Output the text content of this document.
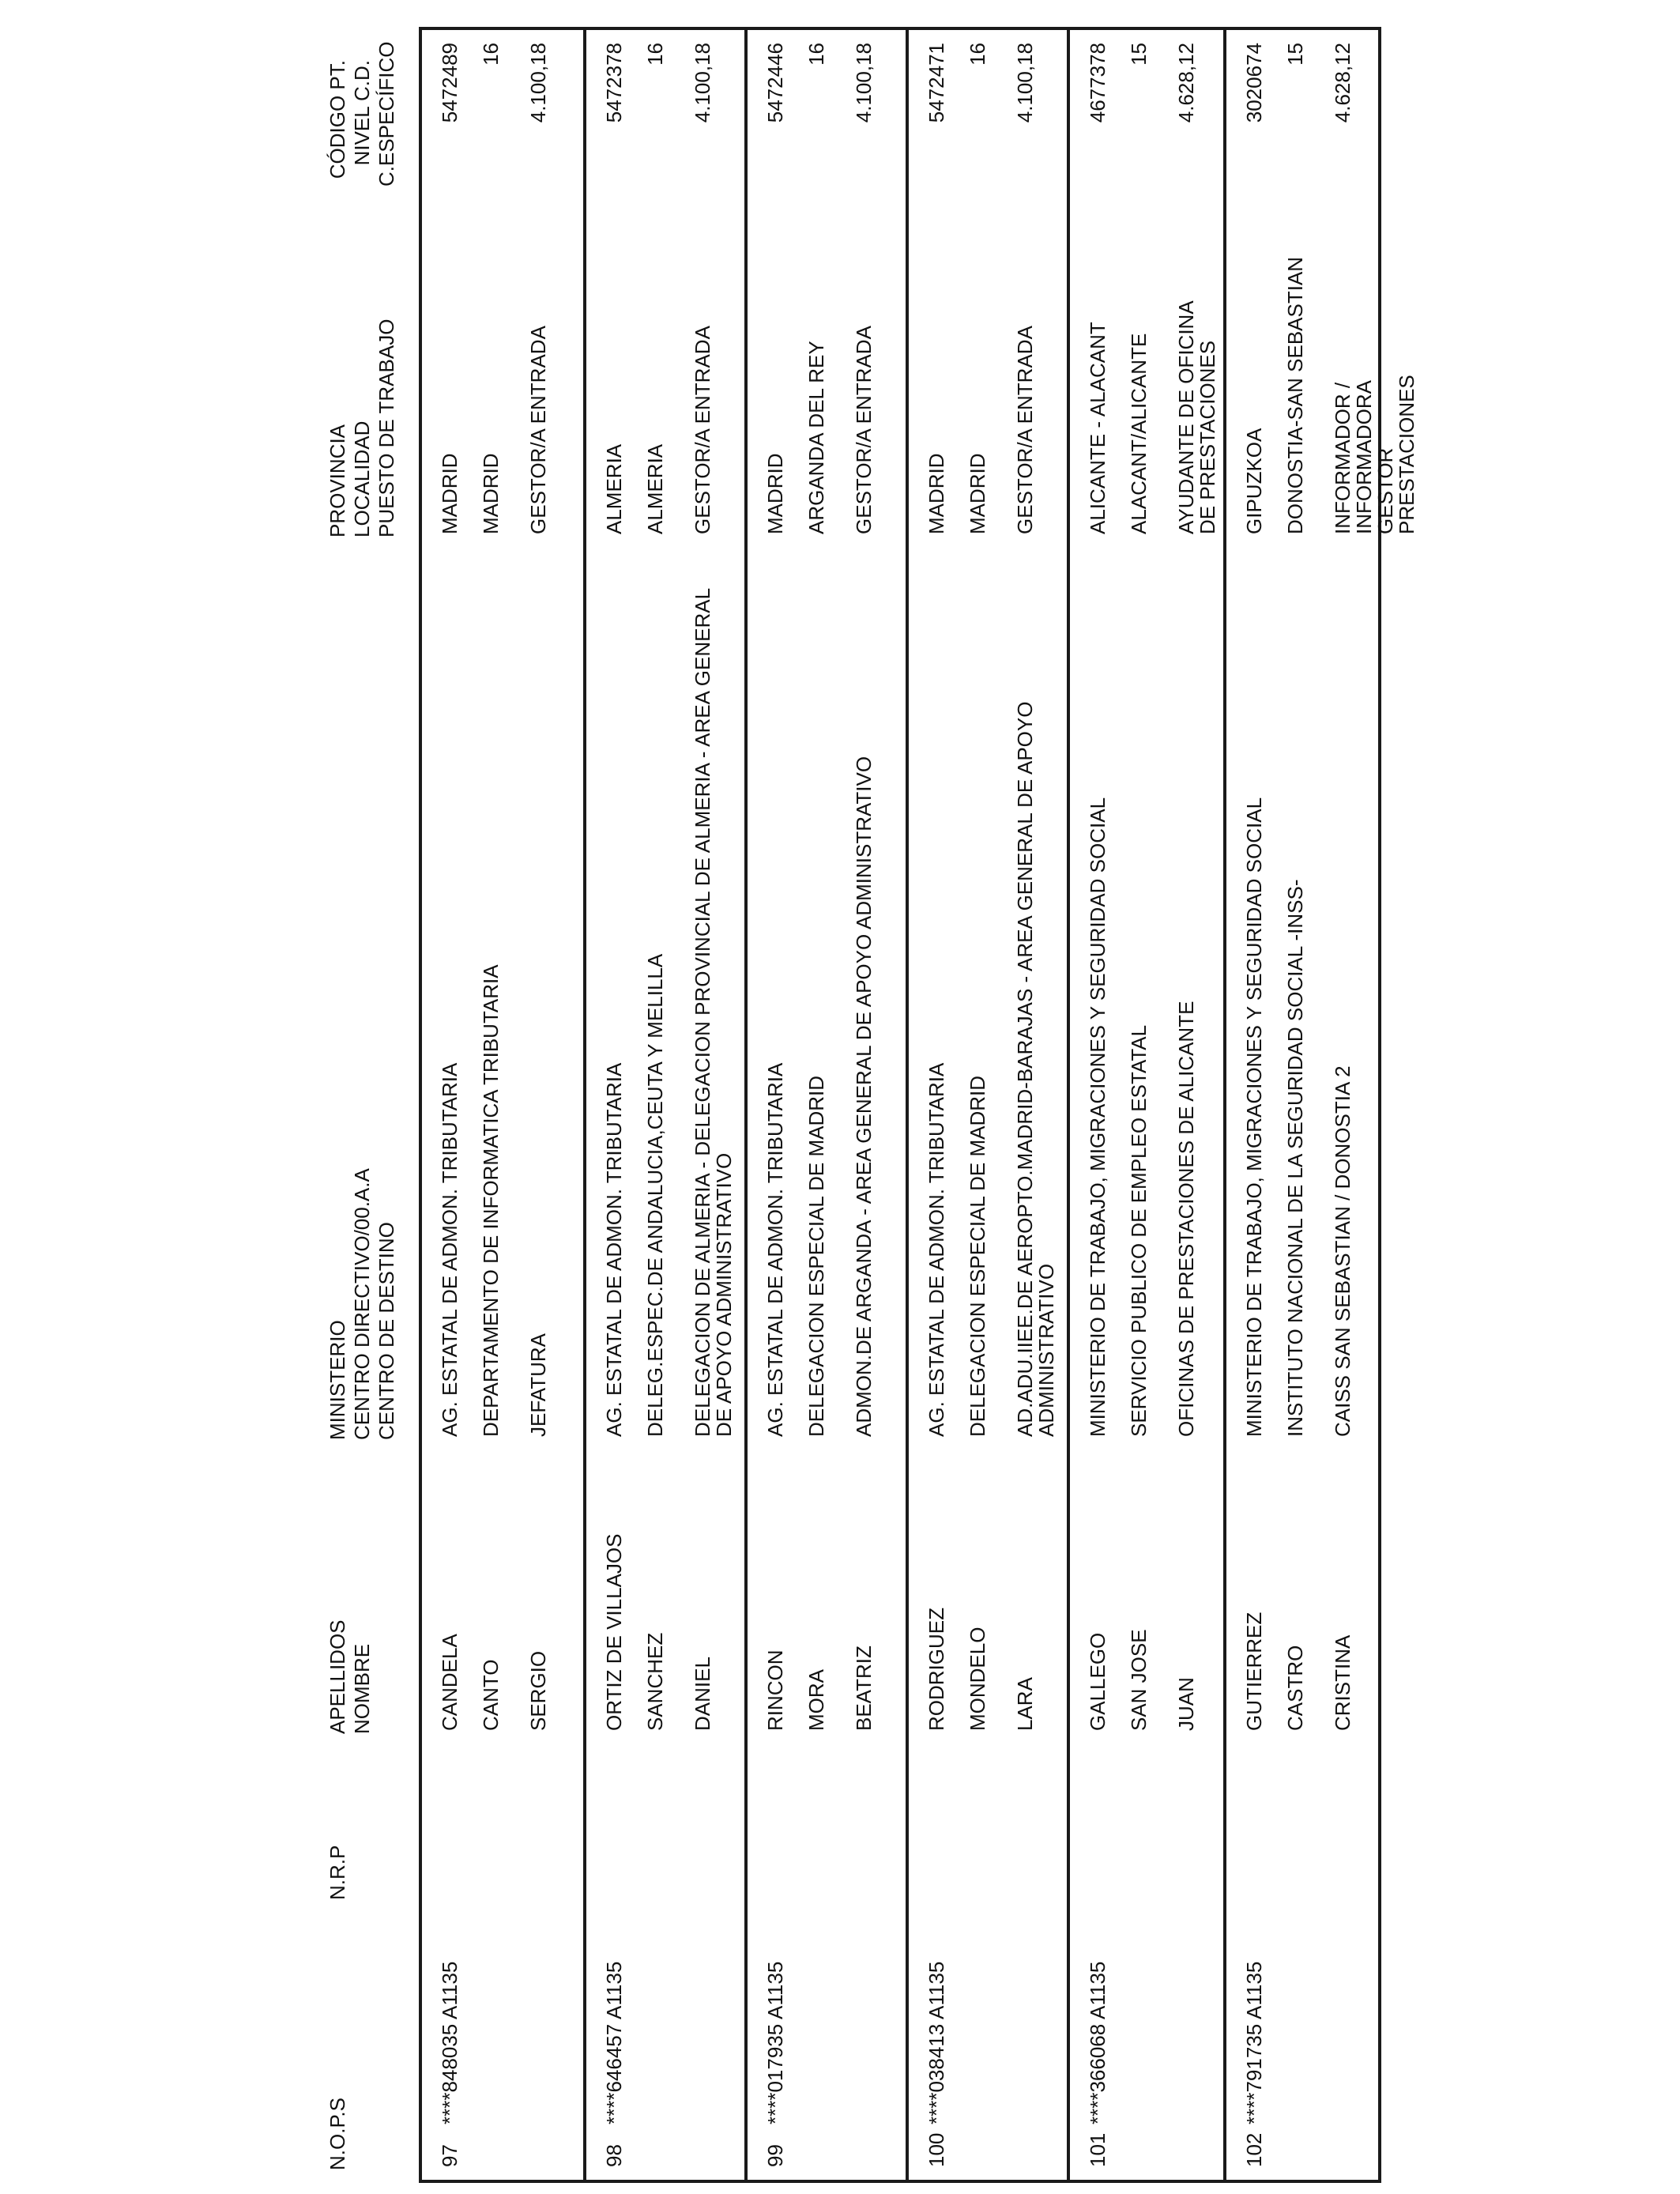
N.O.P.S
N.R.P
APELLIDOS NOMBRE
MINISTERIO CENTRO DIRECTIVO/00.A.A CENTRO DE DESTINO
PROVINCIA LOCALIDAD PUESTO DE TRABAJO
CÓDIGO PT. NIVEL C.D. C.ESPECÍFICO
97
****848035 A1135
CANDELA CANTO SERGIO
AG. ESTATAL DE ADMON. TRIBUTARIA DEPARTAMENTO DE INFORMATICA TRIBUTARIA JEFATURA
MADRID MADRID GESTOR/A ENTRADA
5472489 16 4.100,18
98
****646457 A1135
ORTIZ DE VILLAJOS SANCHEZ DANIEL
AG. ESTATAL DE ADMON. TRIBUTARIA DELEG.ESPEC.DE ANDALUCIA,CEUTA Y MELILLA DELEGACION DE ALMERIA - DELEGACION PROVINCIAL DE ALMERIA - AREA GENERAL DE APOYO ADMINISTRATIVO
ALMERIA ALMERIA GESTOR/A ENTRADA
5472378 16 4.100,18
99
****017935 A1135
RINCON MORA BEATRIZ
AG. ESTATAL DE ADMON. TRIBUTARIA DELEGACION ESPECIAL DE MADRID ADMON.DE ARGANDA - AREA GENERAL DE APOYO ADMINISTRATIVO
MADRID ARGANDA DEL REY GESTOR/A ENTRADA
5472446 16 4.100,18
100
****038413 A1135
RODRIGUEZ MONDELO LARA
AG. ESTATAL DE ADMON. TRIBUTARIA DELEGACION ESPECIAL DE MADRID AD.ADU.IIEE.DE AEROPTO.MADRID-BARAJAS - AREA GENERAL DE APOYO ADMINISTRATIVO
MADRID MADRID GESTOR/A ENTRADA
5472471 16 4.100,18
101
****366068 A1135
GALLEGO SAN JOSE JUAN
MINISTERIO DE TRABAJO, MIGRACIONES Y SEGURIDAD SOCIAL SERVICIO PUBLICO DE EMPLEO ESTATAL OFICINAS DE PRESTACIONES DE ALICANTE
ALICANTE - ALACANT ALACANT/ALICANTE AYUDANTE DE OFICINA DE PRESTACIONES
4677378 15 4.628,12
102
****791735 A1135
GUTIERREZ CASTRO CRISTINA
MINISTERIO DE TRABAJO, MIGRACIONES Y SEGURIDAD SOCIAL INSTITUTO NACIONAL DE LA SEGURIDAD SOCIAL -INSS- CAISS SAN SEBASTIAN / DONOSTIA 2
GIPUZKOA DONOSTIA-SAN SEBASTIAN INFORMADOR / INFORMADORA GESTOR PRESTACIONES
3020674 15 4.628,12
